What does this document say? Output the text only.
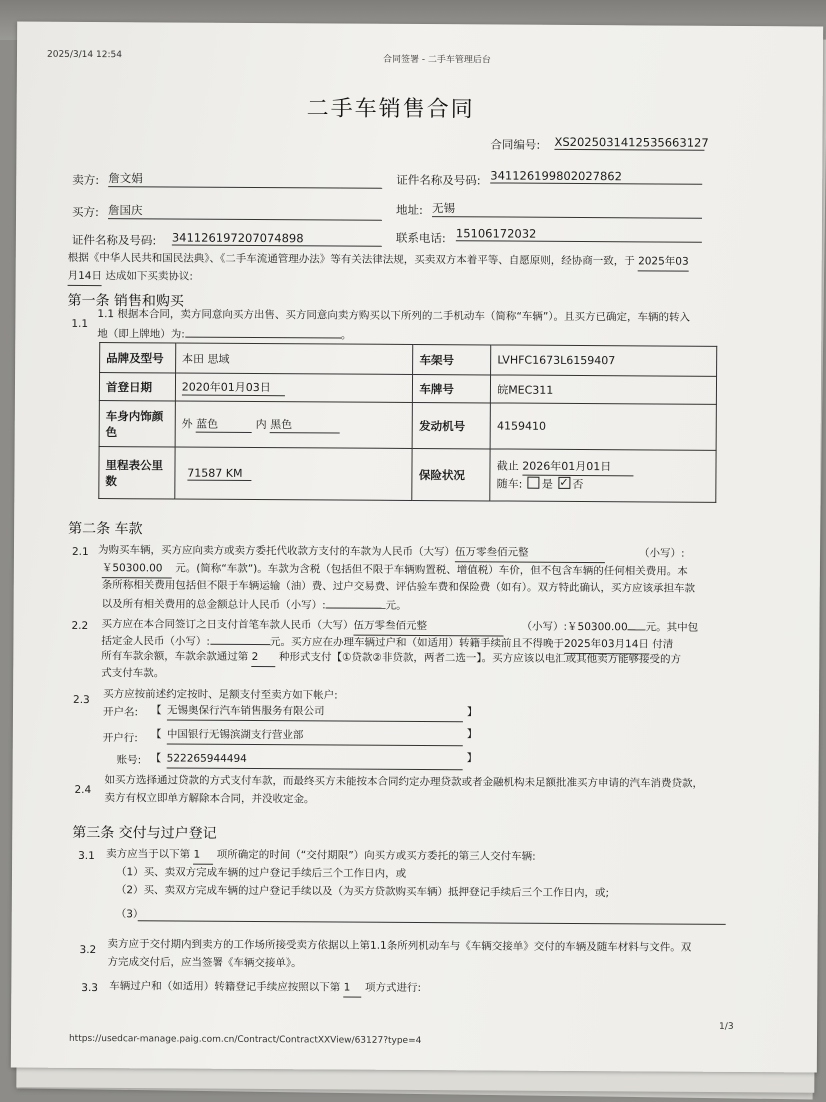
2025/3/14 12:54	合同签署 - 二手车管理后台
二手车销售合同
合同编号: XS2025031412535663127
卖方: 詹文娟	证件名称及号码: 341126199802027862
买方: 詹国庆	地址: 无锡
证件名称及号码: 341126197207074898	联系电话: 15106172032
根据《中华人民共和国民法典》、《二手车流通管理办法》等有关法律法规，买卖双方本着平等、自愿原则，经协商一致，于 2025年03
月14日 达成如下买卖协议:
第一条 销售和购买
1.1
1.1 根据本合同，卖方同意向买方出售、买方同意向卖方购买以下所列的二手机动车（简称“车辆”）。且买方已确定，车辆的转入
地（即上牌地）为:	。
品牌及型号	本田 思域	车架号	LVHFC1673L6159407
首登日期	2020年01月03日	车牌号	皖MEC311
车身内饰颜色	外 蓝色 内 黑色	发动机号	4159410
里程表公里数	71587 KM	保险状况	截止 2026年01月01日
随车: 是 ✓ 否
第二条 车款
2.1 为购买车辆，买方应向卖方或卖方委托代收款方支付的车款为人民币（大写）伍万零叁佰元整	（小写）:
￥50300.00 元。(简称“车款”)。车款为含税（包括但不限于车辆购置税、增值税）车价，但不包含车辆的任何相关费用。本
条所称相关费用包括但不限于车辆运输（油）费、过户交易费、评估验车费和保险费（如有）。双方特此确认，买方应该承担车款
以及所有相关费用的总金额总计人民币（小写）:	元。
2.2 买方应在本合同签订之日支付首笔车款人民币（大写）伍万零叁佰元整	（小写）:￥50300.00 元。其中包
括定金人民币（小写）:	元。买方应在办理车辆过户和（如适用）转籍手续前且不得晚于2025年03月14日 付清
所有车款余额，车款余款通过第 2 种形式支付【①贷款②非贷款，两者二选一】。买方应该以电汇或其他卖方能够接受的方
式支付车款。
2.3 买方应按前述约定按时、足额支付至卖方如下帐户:
开户名: 【 无锡奥保行汽车销售服务有限公司	】
开户行: 【 中国银行无锡滨湖支行营业部	】
账号: 【 522265944494	】
2.4
如买方选择通过贷款的方式支付车款，而最终买方未能按本合同约定办理贷款或者金融机构未足额批准买方申请的汽车消费贷款，
卖方有权立即单方解除本合同，并没收定金。
第三条 交付与过户登记
3.1 卖方应当于以下第 1 项所确定的时间（“交付期限”）向买方或买方委托的第三人交付车辆:
（1）买、卖双方完成车辆的过户登记手续后三个工作日内，或
（2）买、卖双方完成车辆的过户登记手续以及（为买方贷款购买车辆）抵押登记手续后三个工作日内，或;
（3）
3.2 卖方应于交付期内到卖方的工作场所接受卖方依据以上第1.1条所列机动车与《车辆交接单》交付的车辆及随车材料与文件。双
方完成交付后，应当签署《车辆交接单》。
3.3 车辆过户和（如适用）转籍登记手续应按照以下第 1 项方式进行:
https://usedcar-manage.paig.com.cn/Contract/ContractXXView/63127?type=4
1/3
